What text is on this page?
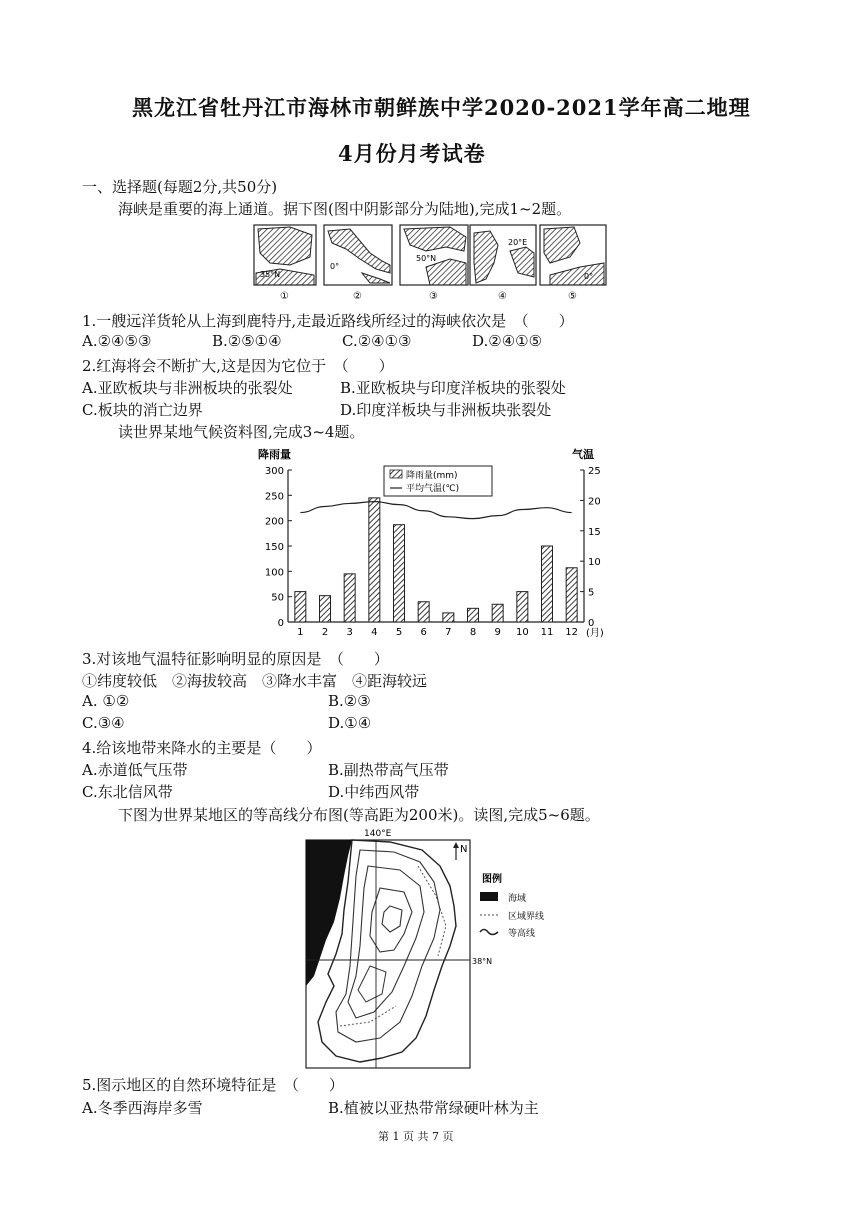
黑龙江省牡丹江市海林市朝鲜族中学2020-2021学年高二地理
4月份月考试卷
一、选择题(每题2分,共50分)
海峡是重要的海上通道。据下图(图中阴影部分为陆地),完成1~2题。
35°N
0°
50°N
20°E
0°
①	②	③	④	⑤
1.一艘远洋货轮从上海到鹿特丹,走最近路线所经过的海峡依次是　（　　）
A.②④⑤③	B.②⑤①④	C.②④①③	D.②④①⑤
2.红海将会不断扩大,这是因为它位于　（　　）
A.亚欧板块与非洲板块的张裂处	B.亚欧板块与印度洋板块的张裂处
C.板块的消亡边界	D.印度洋板块与非洲板块张裂处
读世界某地气候资料图,完成3~4题。
降雨量	气温
0
50
100
150
200
250
300
0
5
10
15
20
25
1 2 3 4 5 6 7 8 9 10 11 12 (月)
降雨量(mm)
平均气温(℃)
3.对该地气温特征影响明显的原因是　（　　）
①纬度较低　②海拔较高　③降水丰富　④距海较远
A. ①②	B.②③
C.③④	D.①④
4.给该地带来降水的主要是（　　）
A.赤道低气压带	B.副热带高气压带
C.东北信风带	D.中纬西风带
下图为世界某地区的等高线分布图(等高距为200米)。读图,完成5~6题。
140°E
38°N
N
图例
海域
区域界线
等高线
5.图示地区的自然环境特征是　（　　）
A.冬季西海岸多雪	B.植被以亚热带常绿硬叶林为主
第 1 页 共 7 页
